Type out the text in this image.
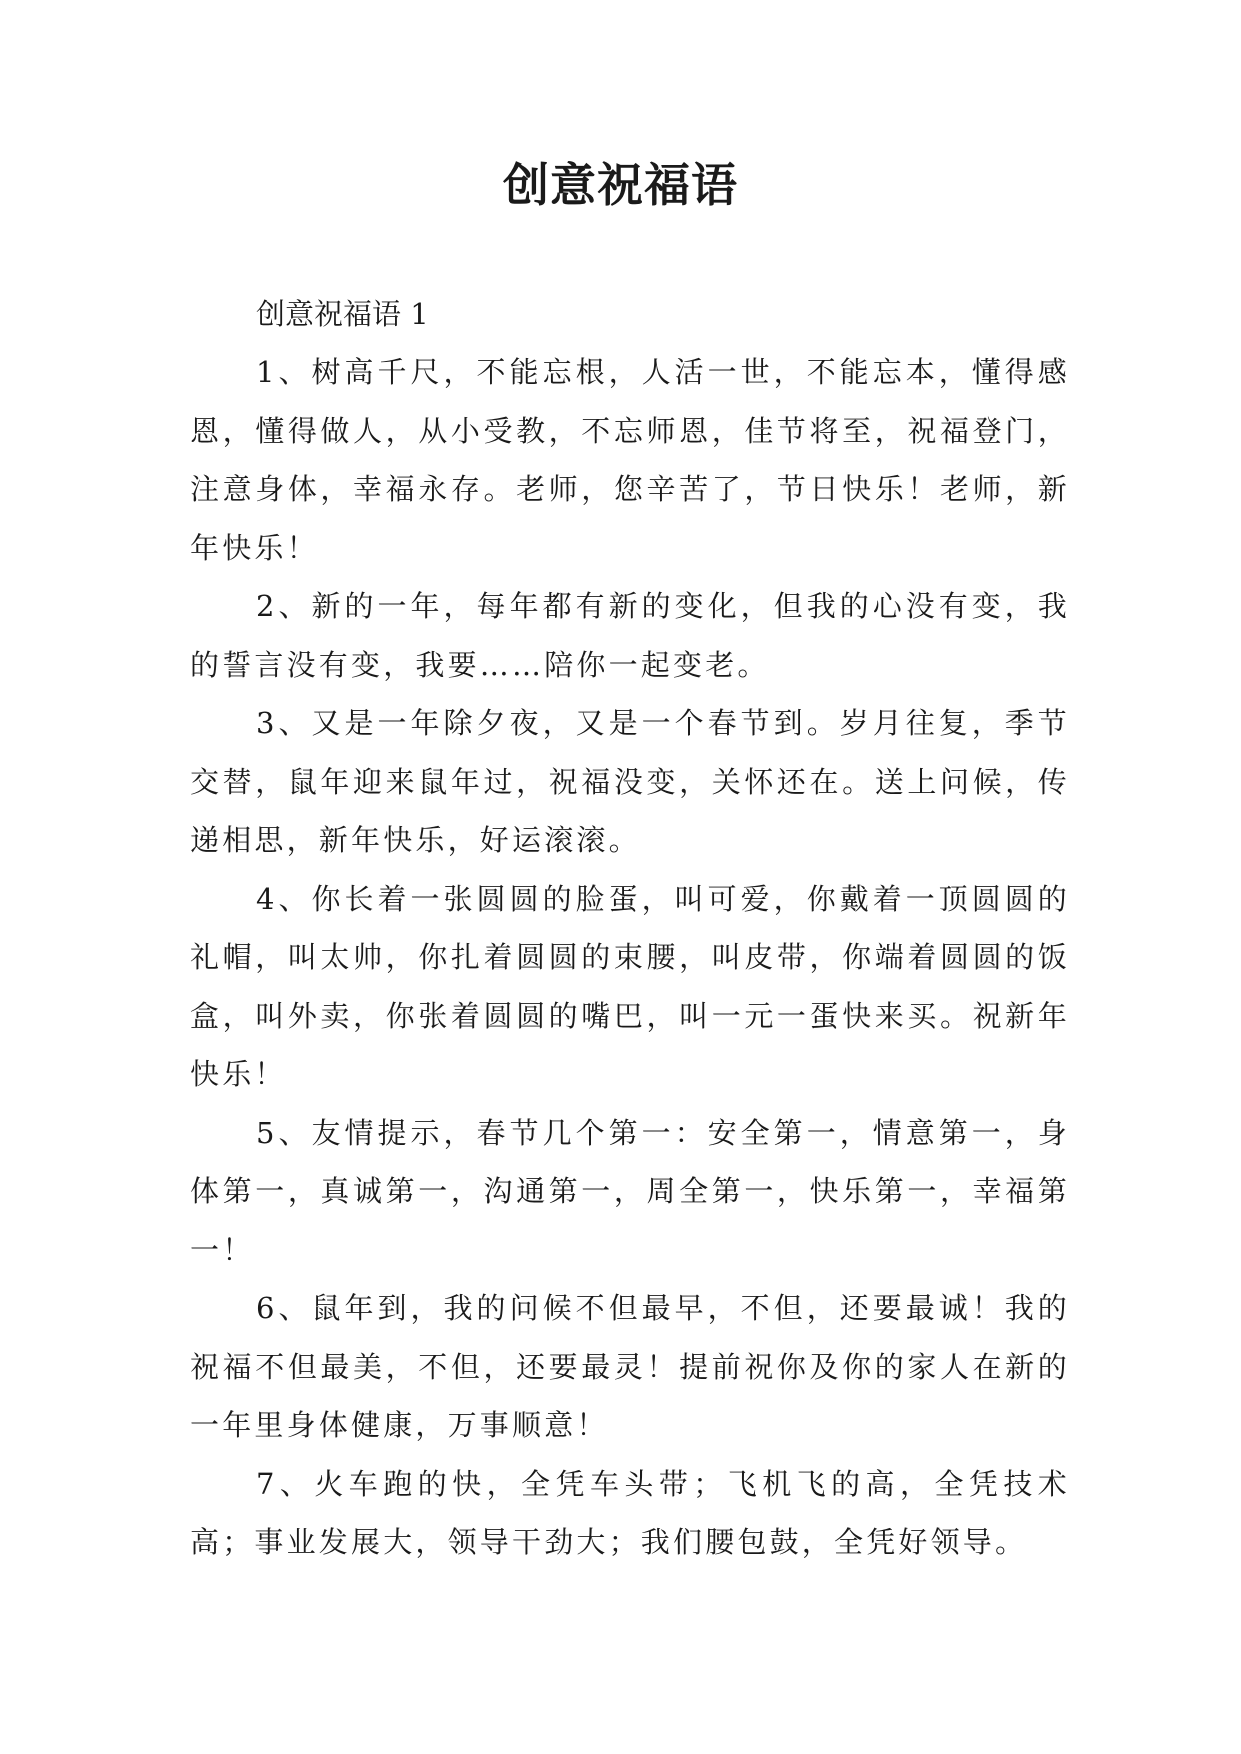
创意祝福语

创意祝福语 1

1、树高千尺，不能忘根，人活一世，不能忘本，懂得感恩，懂得做人，从小受教，不忘师恩，佳节将至，祝福登门，注意身体，幸福永存。老师，您辛苦了，节日快乐！老师，新年快乐！

2、新的一年，每年都有新的变化，但我的心没有变，我的誓言没有变，我要……陪你一起变老。

3、又是一年除夕夜，又是一个春节到。岁月往复，季节交替，鼠年迎来鼠年过，祝福没变，关怀还在。送上问候，传递相思，新年快乐，好运滚滚。

4、你长着一张圆圆的脸蛋，叫可爱，你戴着一顶圆圆的礼帽，叫太帅，你扎着圆圆的束腰，叫皮带，你端着圆圆的饭盒，叫外卖，你张着圆圆的嘴巴，叫一元一蛋快来买。祝新年快乐！

5、友情提示，春节几个第一：安全第一，情意第一，身体第一，真诚第一，沟通第一，周全第一，快乐第一，幸福第一！

6、鼠年到，我的问候不但最早，不但，还要最诚！我的祝福不但最美，不但，还要最灵！提前祝你及你的家人在新的一年里身体健康，万事顺意！

7、火车跑的快，全凭车头带；飞机飞的高，全凭技术高；事业发展大，领导干劲大；我们腰包鼓，全凭好领导。
